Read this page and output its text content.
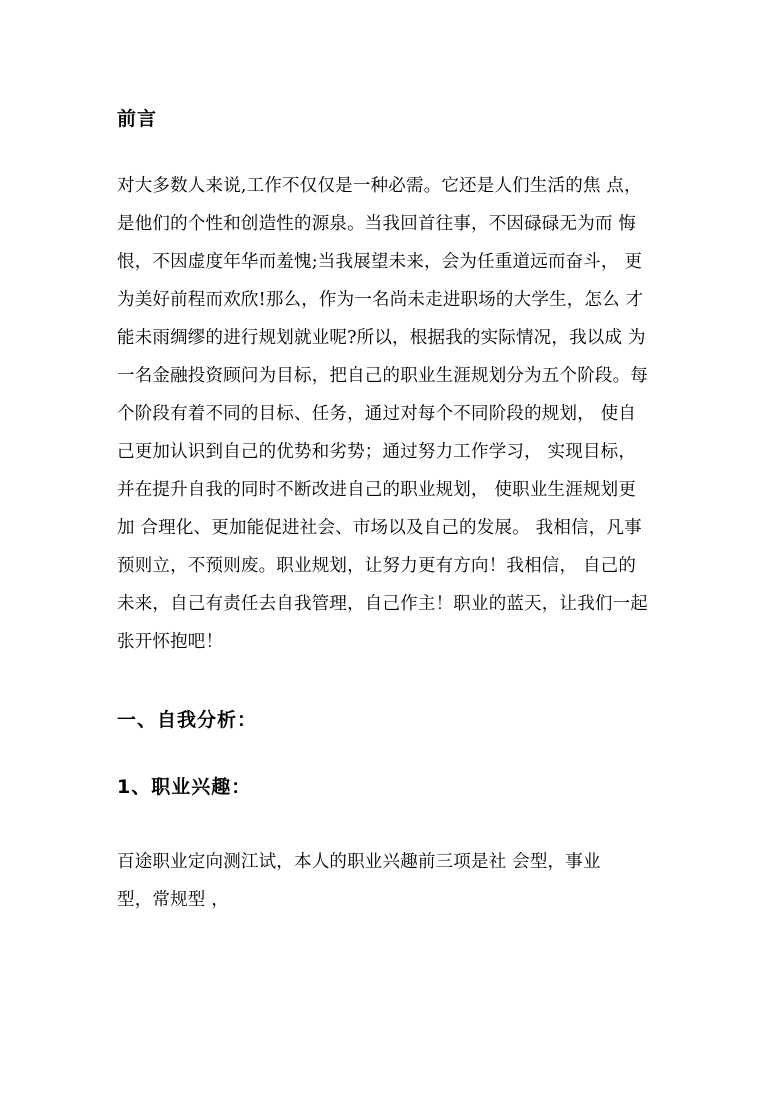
前言
对大多数人来说,工作不仅仅是一种必需。它还是人们生活的焦 点，
是他们的个性和创造性的源泉。当我回首往事，不因碌碌无为而 悔
恨，不因虚度年华而羞愧;当我展望未来，会为任重道远而奋斗， 更
为美好前程而欢欣!那么，作为一名尚未走进职场的大学生，怎么 才
能未雨绸缪的进行规划就业呢?所以，根据我的实际情况，我以成 为
一名金融投资顾问为目标，把自己的职业生涯规划分为五个阶段。每
个阶段有着不同的目标、任务，通过对每个不同阶段的规划， 使自
己更加认识到自己的优势和劣势；通过努力工作学习， 实现目标，
并在提升自我的同时不断改进自己的职业规划， 使职业生涯规划更
加 合理化、更加能促进社会、市场以及自己的发展。 我相信，凡事
预则立，不预则废。职业规划，让努力更有方向！我相信， 自己的
未来，自己有责任去自我管理，自己作主！职业的蓝天，让我们一起
张开怀抱吧！
一、自我分析：
1、职业兴趣：
百途职业定向测江试，本人的职业兴趣前三项是社 会型，事业
型，常规型 ，
